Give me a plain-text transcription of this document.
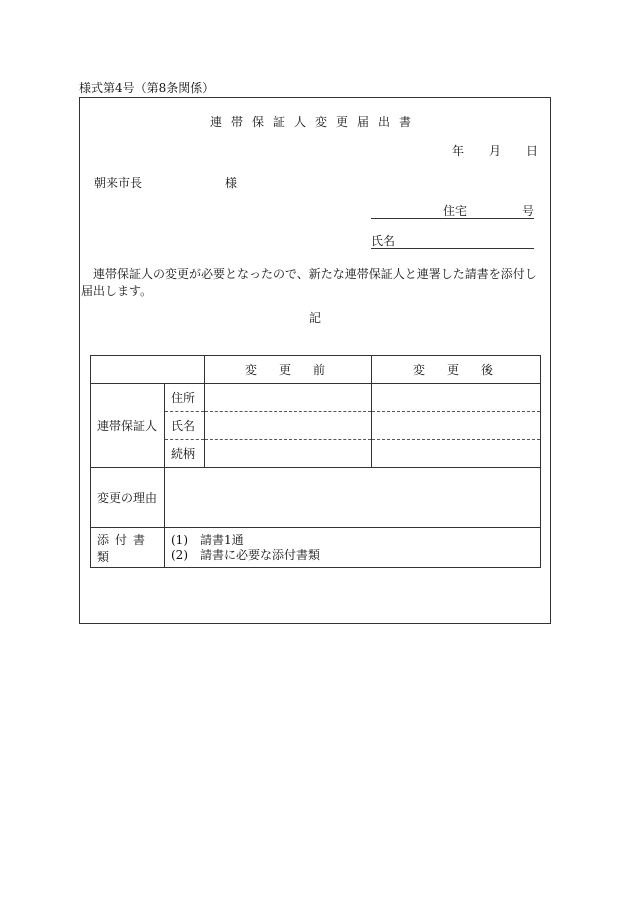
様式第4号（第8条関係）
連帯保証人変更届出書
年 月 日
朝来市長	様
住宅	号
氏名
連帯保証人の変更が必要となったので、新たな連帯保証人と連署した請書を添付し届出します。
記
		変更前	変更後
連帯保証人	住所		
	氏名		
	続柄		
変更の理由			
添付書類	(1)　請書1通
(2)　請書に必要な添付書類		
